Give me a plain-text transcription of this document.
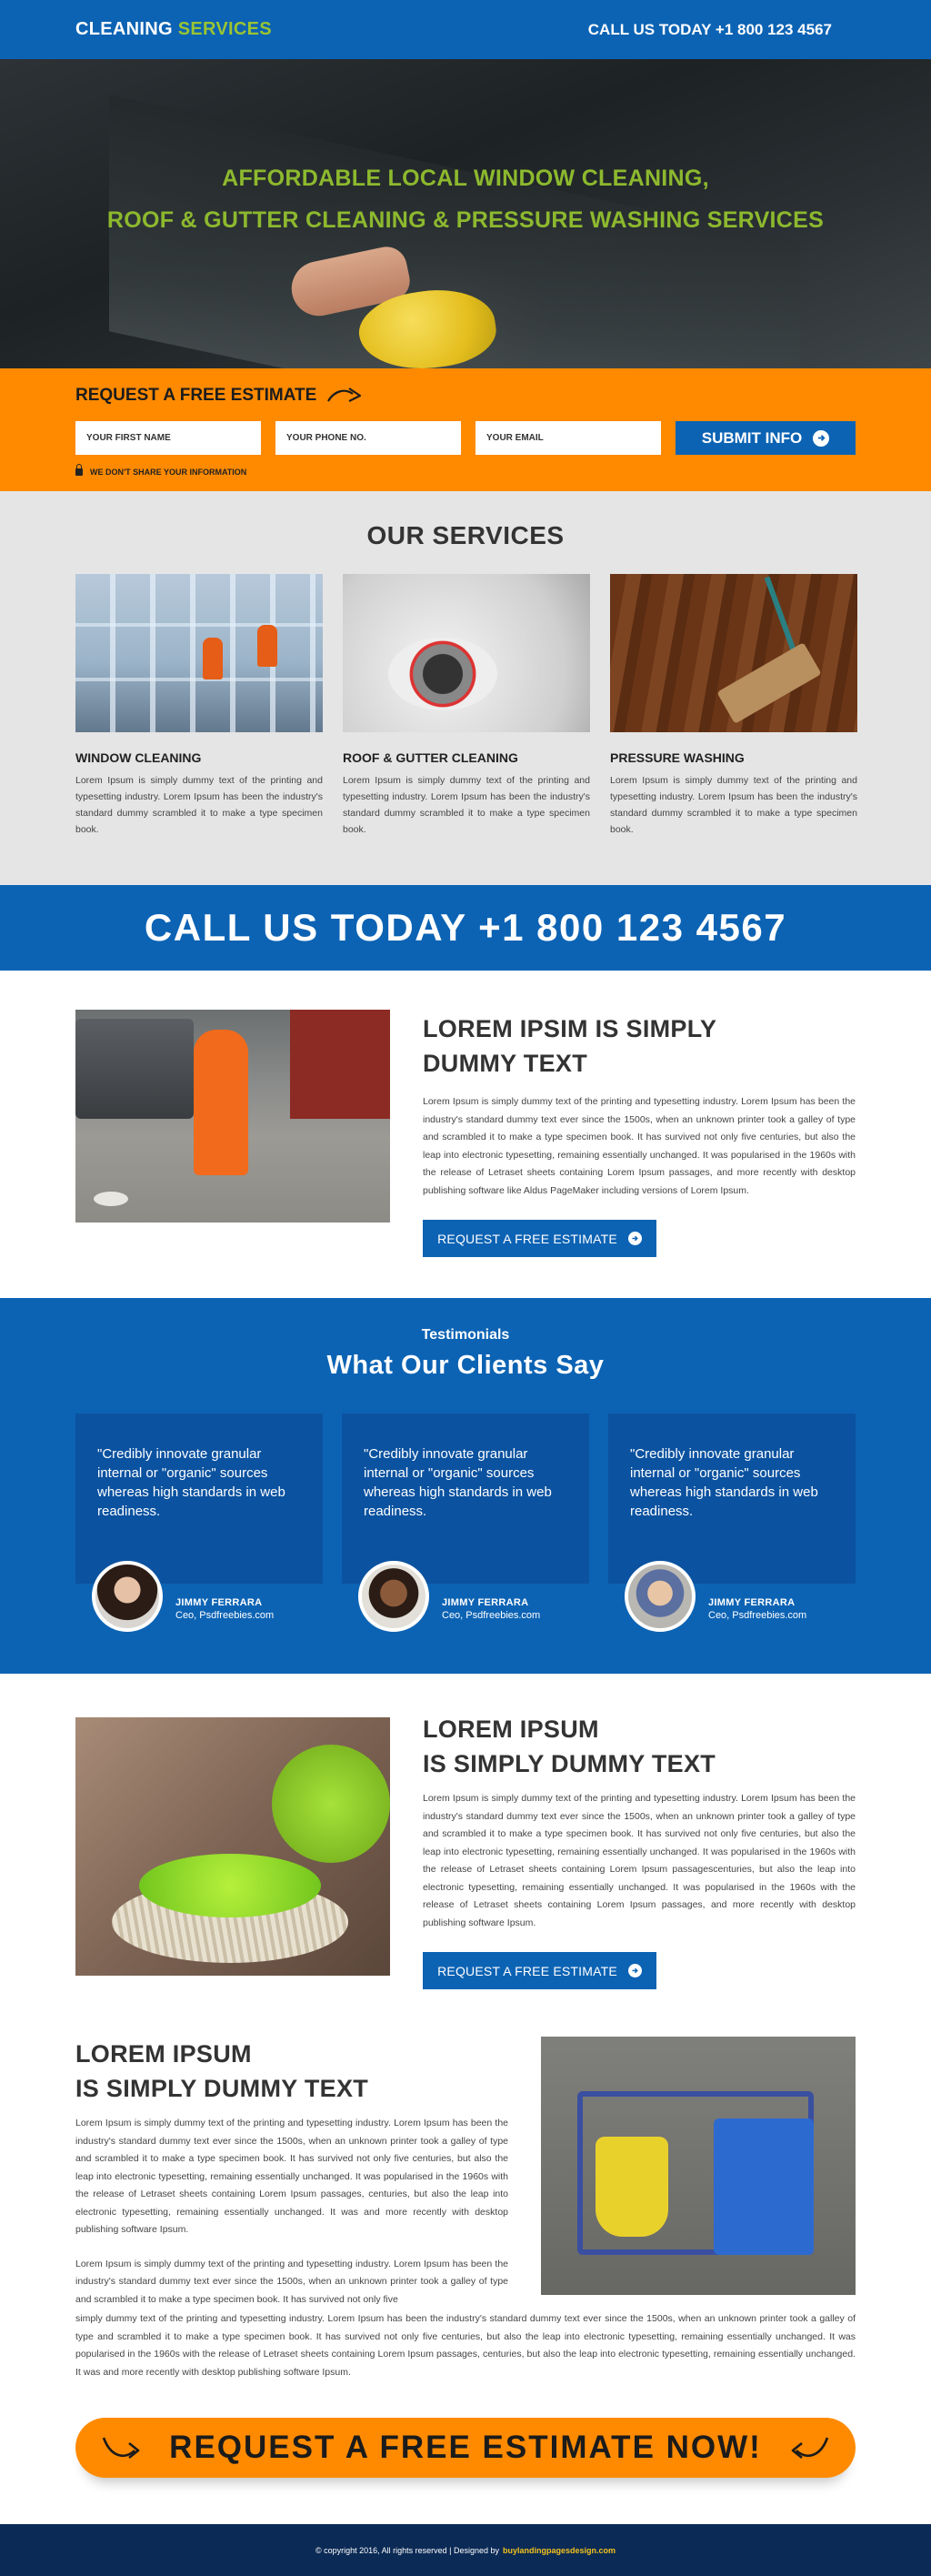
CLEANING SERVICES	CALL US TODAY +1 800 123 4567
AFFORDABLE LOCAL WINDOW CLEANING,
ROOF & GUTTER CLEANING & PRESSURE WASHING SERVICES
REQUEST A FREE ESTIMATE
YOUR FIRST NAME
YOUR PHONE NO.
YOUR EMAIL
SUBMIT INFO
WE DON'T SHARE YOUR INFORMATION
OUR SERVICES
WINDOW CLEANING

Lorem Ipsum is simply dummy text of the printing and typesetting industry. Lorem Ipsum has been the industry's standard dummy scrambled it to make a type specimen book.

ROOF & GUTTER CLEANING

Lorem Ipsum is simply dummy text of the printing and typesetting industry. Lorem Ipsum has been the industry's standard dummy scrambled it to make a type specimen book.

PRESSURE WASHING

Lorem Ipsum is simply dummy text of the printing and typesetting industry. Lorem Ipsum has been the industry's standard dummy scrambled it to make a type specimen book.

CALL US TODAY +1 800 123 4567
LOREM IPSIM IS SIMPLY
DUMMY TEXT

Lorem Ipsum is simply dummy text of the printing and typesetting industry. Lorem Ipsum has been the industry's standard dummy text ever since the 1500s, when an unknown printer took a galley of type and scrambled it to make a type specimen book. It has survived not only five centuries, but also the leap into electronic typesetting, remaining essentially unchanged. It was popularised in the 1960s with the release of Letraset sheets containing Lorem Ipsum passages, and more recently with desktop publishing software like Aldus PageMaker including versions of Lorem Ipsum.

REQUEST A FREE ESTIMATE
Testimonials
What Our Clients Say
"Credibly innovate granular internal or "organic" sources whereas high standards in web readiness.
JIMMY FERRARA
Ceo, Psdfreebies.com
"Credibly innovate granular internal or "organic" sources whereas high standards in web readiness.
JIMMY FERRARA
Ceo, Psdfreebies.com
"Credibly innovate granular internal or "organic" sources whereas high standards in web readiness.
JIMMY FERRARA
Ceo, Psdfreebies.com
LOREM IPSUM
IS SIMPLY DUMMY TEXT

Lorem Ipsum is simply dummy text of the printing and typesetting industry. Lorem Ipsum has been the industry's standard dummy text ever since the 1500s, when an unknown printer took a galley of type and scrambled it to make a type specimen book. It has survived not only five centuries, but also the leap into electronic typesetting, remaining essentially unchanged. It was popularised in the 1960s with the release of Letraset sheets containing Lorem Ipsum passagescenturies, but also the leap into electronic typesetting, remaining essentially unchanged. It was popularised in the 1960s with the release of Letraset sheets containing Lorem Ipsum passages, and more recently with desktop publishing software Ipsum.

REQUEST A FREE ESTIMATE
LOREM IPSUM
IS SIMPLY DUMMY TEXT

Lorem Ipsum is simply dummy text of the printing and typesetting industry. Lorem Ipsum has been the industry's standard dummy text ever since the 1500s, when an unknown printer took a galley of type and scrambled it to make a type specimen book. It has survived not only five centuries, but also the leap into electronic typesetting, remaining essentially unchanged. It was popularised in the 1960s with the release of Letraset sheets containing Lorem Ipsum passages, centuries, but also the leap into electronic typesetting, remaining essentially unchanged. It was and more recently with desktop publishing software Ipsum.

Lorem Ipsum is simply dummy text of the printing and typesetting industry. Lorem Ipsum has been the industry's standard dummy text ever since the 1500s, when an unknown printer took a galley of type and scrambled it to make a type specimen book. It has survived not only five

simply dummy text of the printing and typesetting industry. Lorem Ipsum has been the industry's standard dummy text ever since the 1500s, when an unknown printer took a galley of type and scrambled it to make a type specimen book. It has survived not only five centuries, but also the leap into electronic typesetting, remaining essentially unchanged. It was popularised in the 1960s with the release of Letraset sheets containing Lorem Ipsum passages, centuries, but also the leap into electronic typesetting, remaining essentially unchanged. It was and more recently with desktop publishing software Ipsum.

REQUEST A FREE ESTIMATE NOW!
© copyright 2016, All rights reserved | Designed by buylandingpagesdesign.com
